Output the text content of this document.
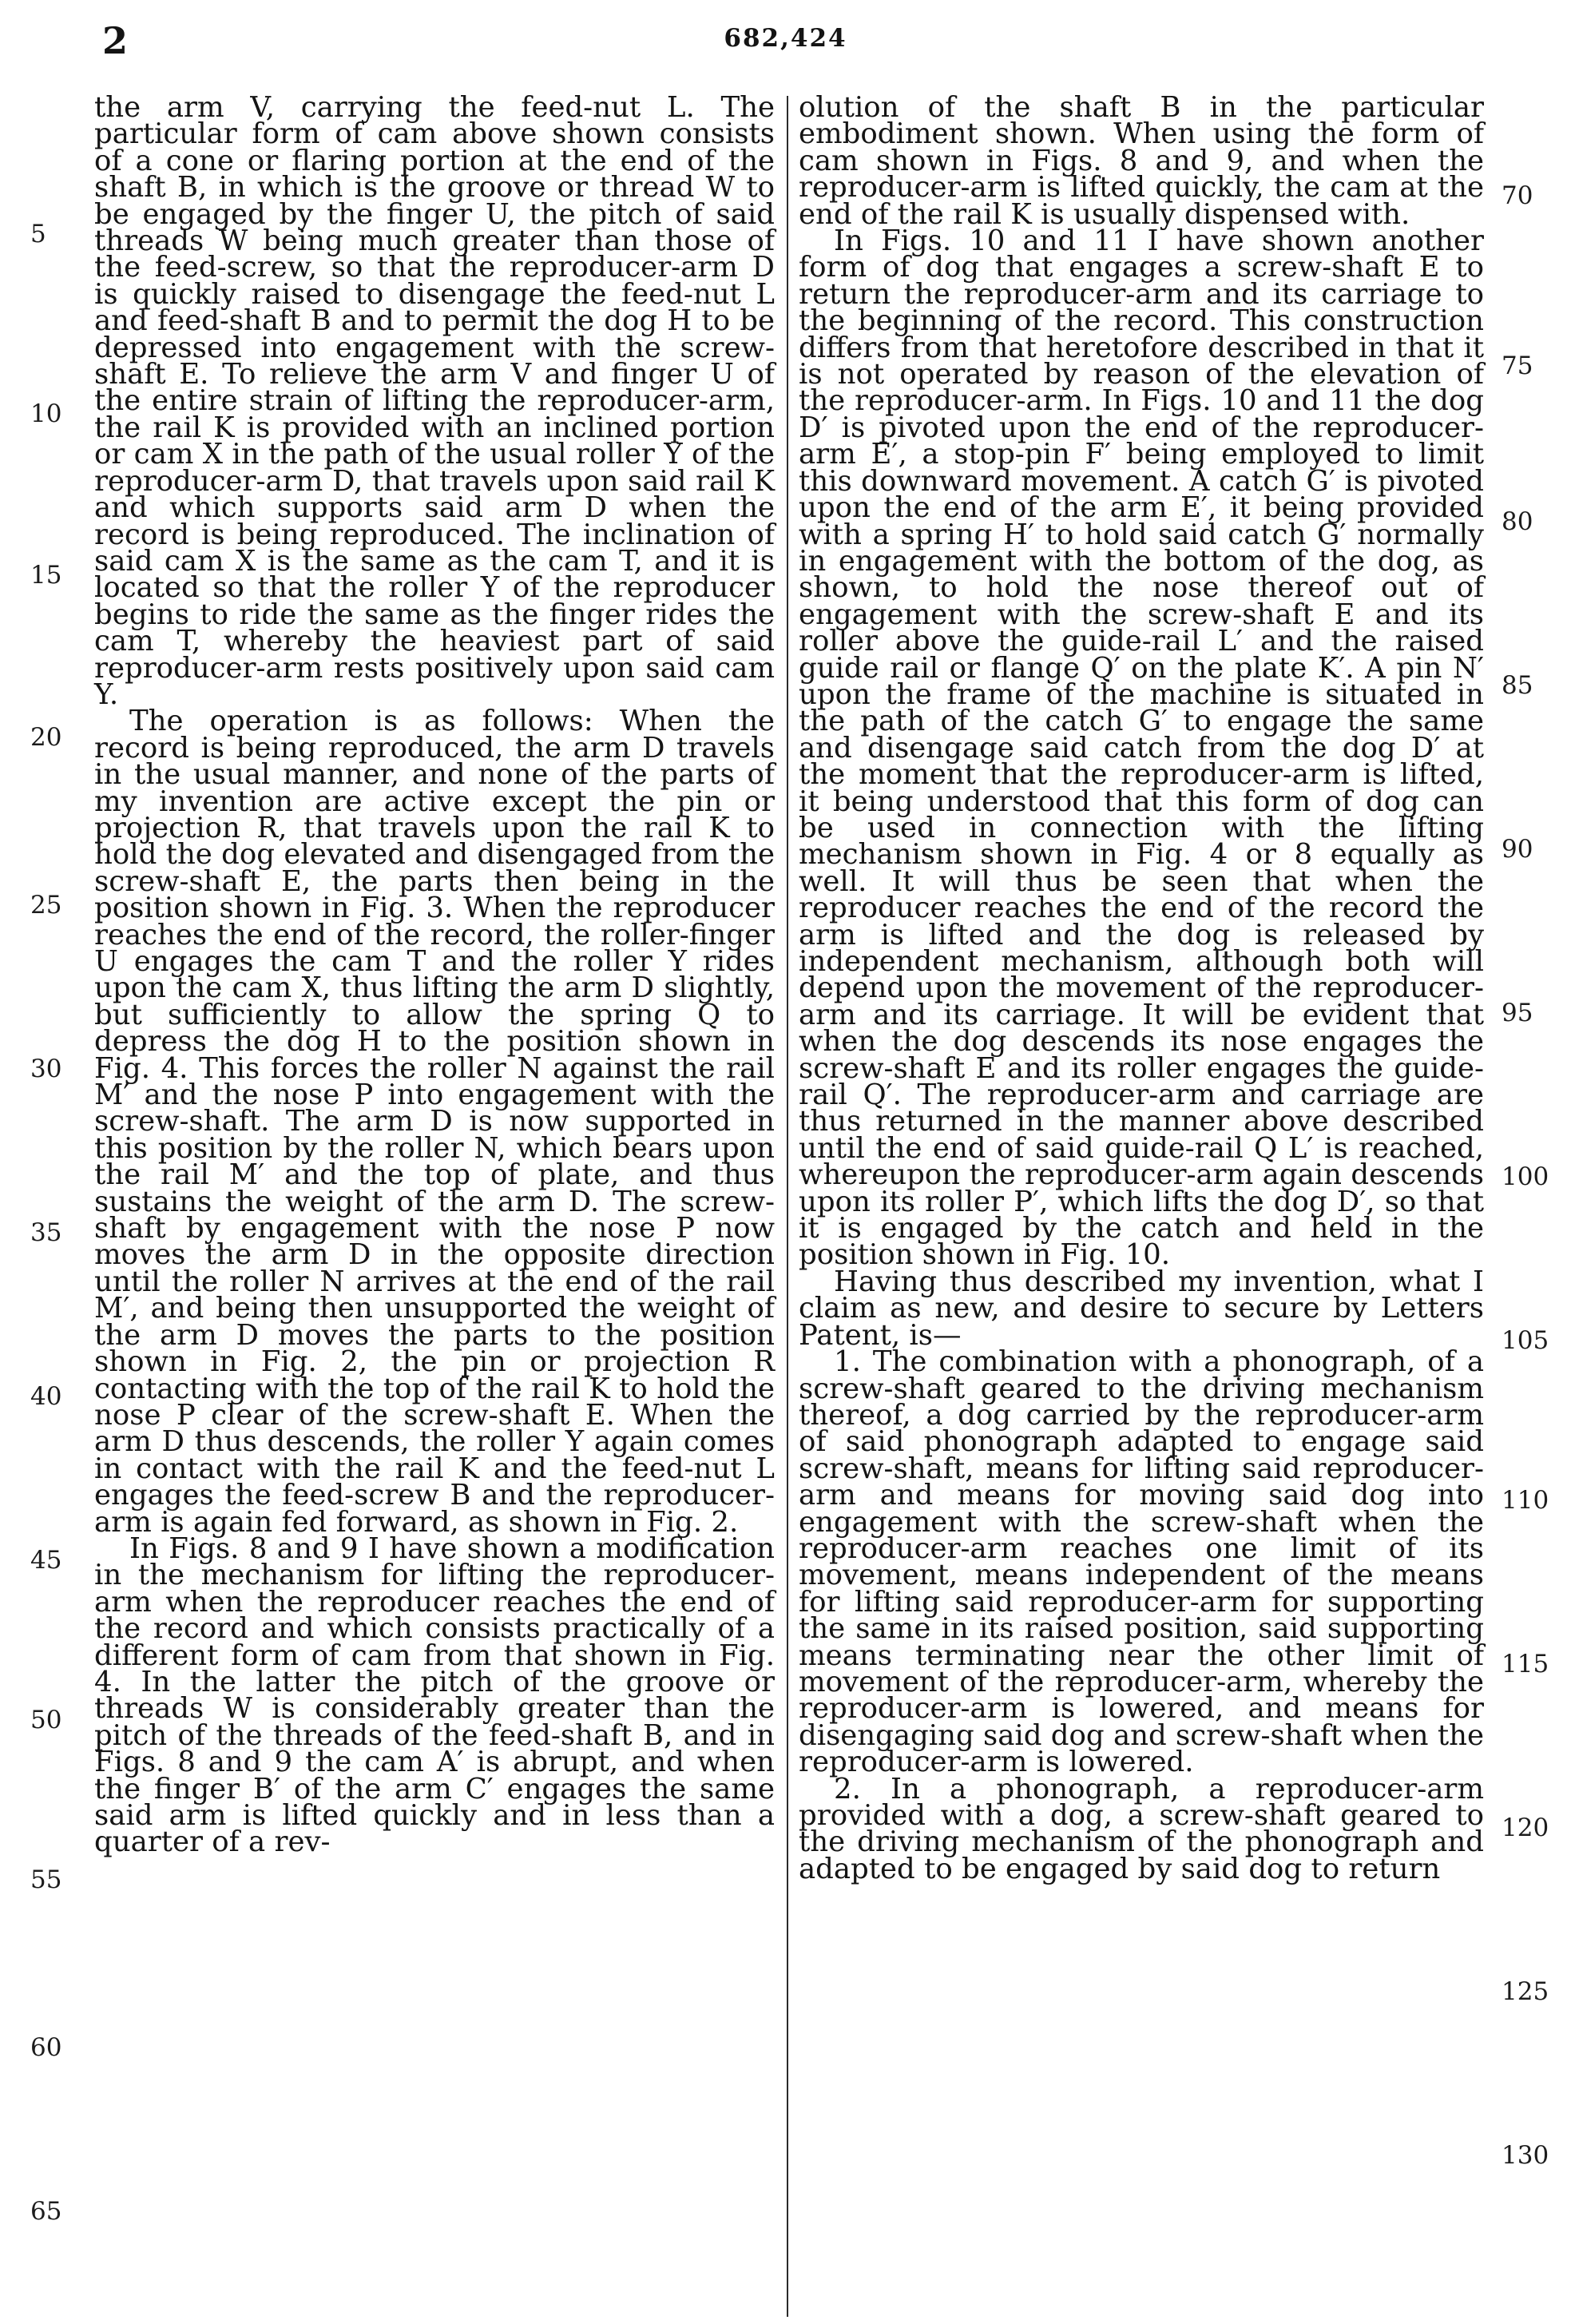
2	682,424

the arm V, carrying the feed-nut L. The particular form of cam above shown consists of a cone or flaring portion at the end of the shaft B, in which is the groove or thread W to be engaged by the finger U, the pitch of said threads W being much greater than those of the feed-screw, so that the reproducer-arm D is quickly raised to disengage the feed-nut L and feed-shaft B and to permit the dog H to be depressed into engagement with the screw-shaft E. To relieve the arm V and finger U of the entire strain of lifting the reproducer-arm, the rail K is provided with an inclined portion or cam X in the path of the usual roller Y of the reproducer-arm D, that travels upon said rail K and which supports said arm D when the record is being reproduced. The inclination of said cam X is the same as the cam T, and it is located so that the roller Y of the reproducer begins to ride the same as the finger rides the cam T, whereby the heaviest part of said reproducer-arm rests positively upon said cam Y.

The operation is as follows: When the record is being reproduced, the arm D travels in the usual manner, and none of the parts of my invention are active except the pin or projection R, that travels upon the rail K to hold the dog elevated and disengaged from the screw-shaft E, the parts then being in the position shown in Fig. 3. When the reproducer reaches the end of the record, the roller-finger U engages the cam T and the roller Y rides upon the cam X, thus lifting the arm D slightly, but sufficiently to allow the spring Q to depress the dog H to the position shown in Fig. 4. This forces the roller N against the rail M′ and the nose P into engagement with the screw-shaft. The arm D is now supported in this position by the roller N, which bears upon the rail M′ and the top of plate, and thus sustains the weight of the arm D. The screw-shaft by engagement with the nose P now moves the arm D in the opposite direction until the roller N arrives at the end of the rail M′, and being then unsupported the weight of the arm D moves the parts to the position shown in Fig. 2, the pin or projection R contacting with the top of the rail K to hold the nose P clear of the screw-shaft E. When the arm D thus descends, the roller Y again comes in contact with the rail K and the feed-nut L engages the feed-screw B and the reproducer-arm is again fed forward, as shown in Fig. 2.

In Figs. 8 and 9 I have shown a modification in the mechanism for lifting the reproducer-arm when the reproducer reaches the end of the record and which consists practically of a different form of cam from that shown in Fig. 4. In the latter the pitch of the groove or threads W is considerably greater than the pitch of the threads of the feed-shaft B, and in Figs. 8 and 9 the cam A′ is abrupt, and when the finger B′ of the arm C′ engages the same said arm is lifted quickly and in less than a quarter of a rev-

olution of the shaft B in the particular embodiment shown. When using the form of cam shown in Figs. 8 and 9, and when the reproducer-arm is lifted quickly, the cam at the end of the rail K is usually dispensed with.

In Figs. 10 and 11 I have shown another form of dog that engages a screw-shaft E to return the reproducer-arm and its carriage to the beginning of the record. This construction differs from that heretofore described in that it is not operated by reason of the elevation of the reproducer-arm. In Figs. 10 and 11 the dog D′ is pivoted upon the end of the reproducer-arm E′, a stop-pin F′ being employed to limit this downward movement. A catch G′ is pivoted upon the end of the arm E′, it being provided with a spring H′ to hold said catch G′ normally in engagement with the bottom of the dog, as shown, to hold the nose thereof out of engagement with the screw-shaft E and its roller above the guide-rail L′ and the raised guide rail or flange Q′ on the plate K′. A pin N′ upon the frame of the machine is situated in the path of the catch G′ to engage the same and disengage said catch from the dog D′ at the moment that the reproducer-arm is lifted, it being understood that this form of dog can be used in connection with the lifting mechanism shown in Fig. 4 or 8 equally as well. It will thus be seen that when the reproducer reaches the end of the record the arm is lifted and the dog is released by independent mechanism, although both will depend upon the movement of the reproducer-arm and its carriage. It will be evident that when the dog descends its nose engages the screw-shaft E and its roller engages the guide-rail Q′. The reproducer-arm and carriage are thus returned in the manner above described until the end of said guide-rail Q L′ is reached, whereupon the reproducer-arm again descends upon its roller P′, which lifts the dog D′, so that it is engaged by the catch and held in the position shown in Fig. 10.

Having thus described my invention, what I claim as new, and desire to secure by Letters Patent, is—

1. The combination with a phonograph, of a screw-shaft geared to the driving mechanism thereof, a dog carried by the reproducer-arm of said phonograph adapted to engage said screw-shaft, means for lifting said reproducer-arm and means for moving said dog into engagement with the screw-shaft when the reproducer-arm reaches one limit of its movement, means independent of the means for lifting said reproducer-arm for supporting the same in its raised position, said supporting means terminating near the other limit of movement of the reproducer-arm, whereby the reproducer-arm is lowered, and means for disengaging said dog and screw-shaft when the reproducer-arm is lowered.

2. In a phonograph, a reproducer-arm provided with a dog, a screw-shaft geared to the driving mechanism of the phonograph and adapted to be engaged by said dog to return

5
10
15
20
25
30
35
40
45
50
55
60
65
70
75
80
85
90
95
100
105
110
115
120
125
130
